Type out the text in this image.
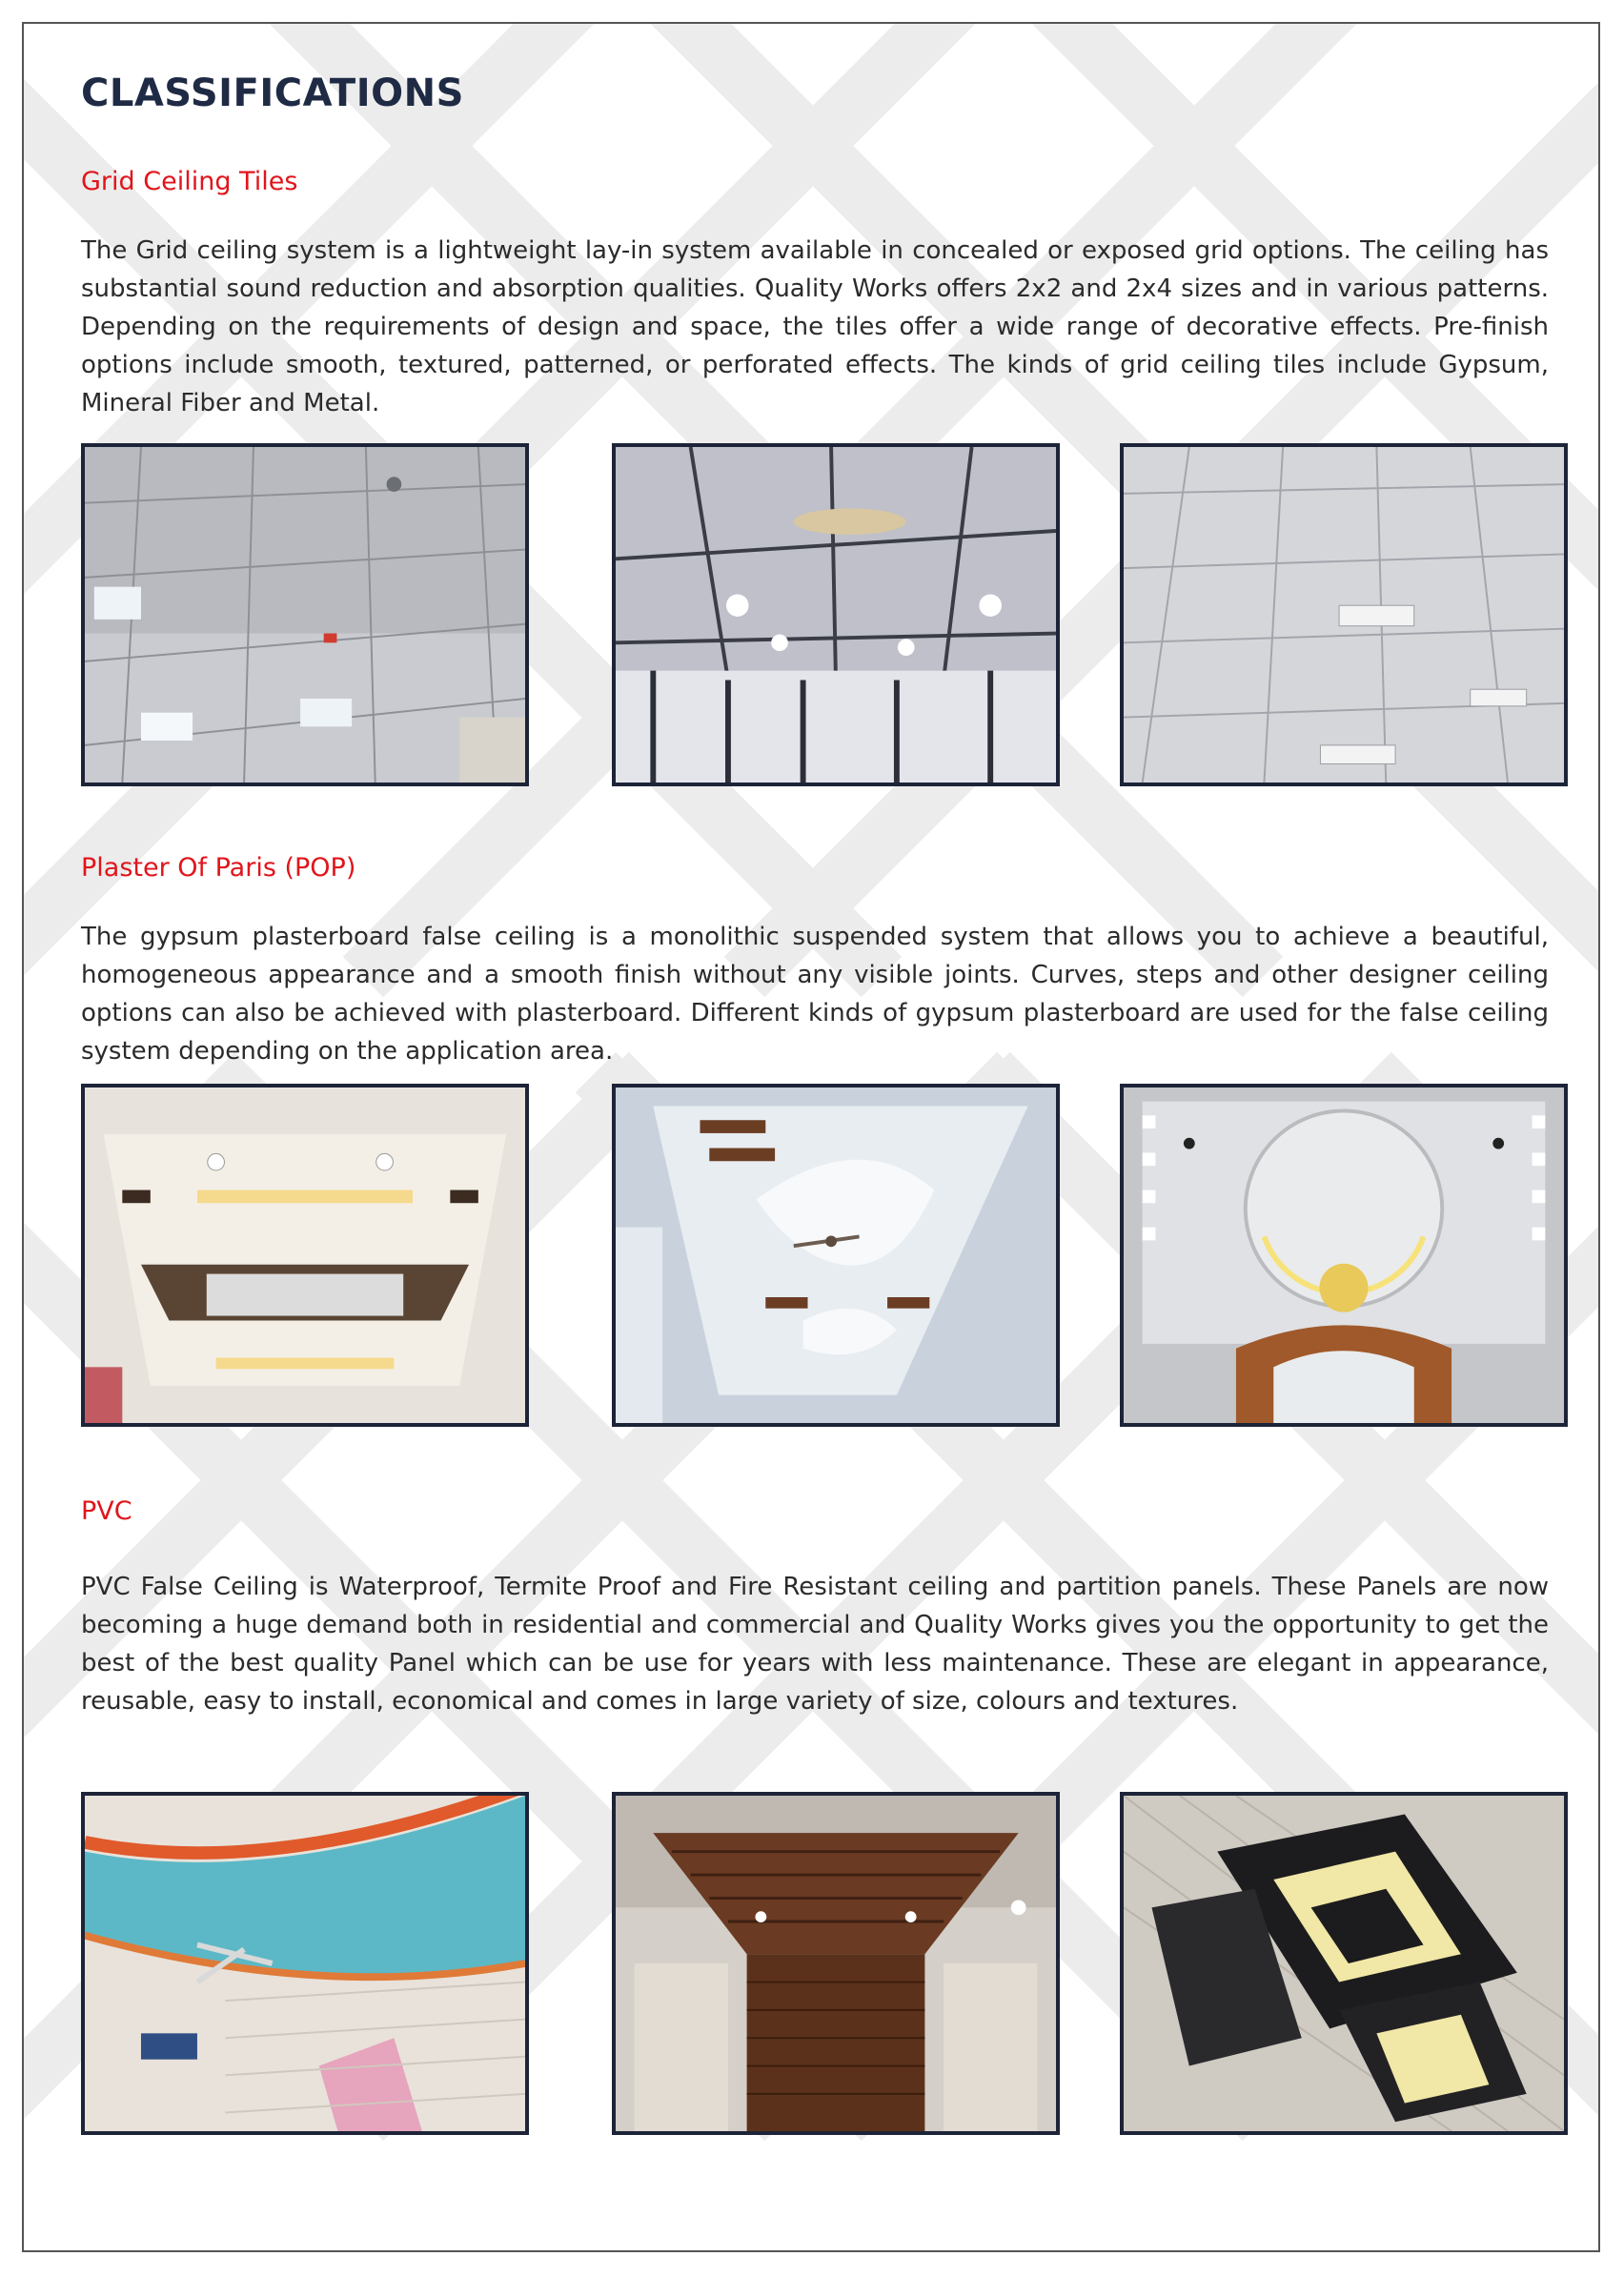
CLASSIFICATIONS
Grid Ceiling Tiles

The Grid ceiling system is a lightweight lay-in system available in concealed or exposed grid options. The ceiling has substantial sound reduction and absorption qualities. Quality Works offers 2x2 and 2x4 sizes and in various patterns. Depending on the requirements of design and space, the tiles offer a wide range of decorative effects. Pre-finish options include smooth, textured, patterned, or perforated effects. The kinds of grid ceiling tiles include Gypsum, Mineral Fiber and Metal.

Plaster Of Paris (POP)

The gypsum plasterboard false ceiling is a monolithic suspended system that allows you to achieve a beautiful, homogeneous appearance and a smooth finish without any visible joints. Curves, steps and other designer ceiling options can also be achieved with plasterboard. Different kinds of gypsum plasterboard are used for the false ceiling system depending on the application area.

PVC

PVC False Ceiling is Waterproof, Termite Proof and Fire Resistant ceiling and partition panels. These Panels are now becoming a huge demand both in residential and commercial and Quality Works gives you the opportunity to get the best of the best quality Panel which can be use for years with less maintenance. These are elegant in appearance, reusable, easy to install, economical and comes in large variety of size, colours and textures.
